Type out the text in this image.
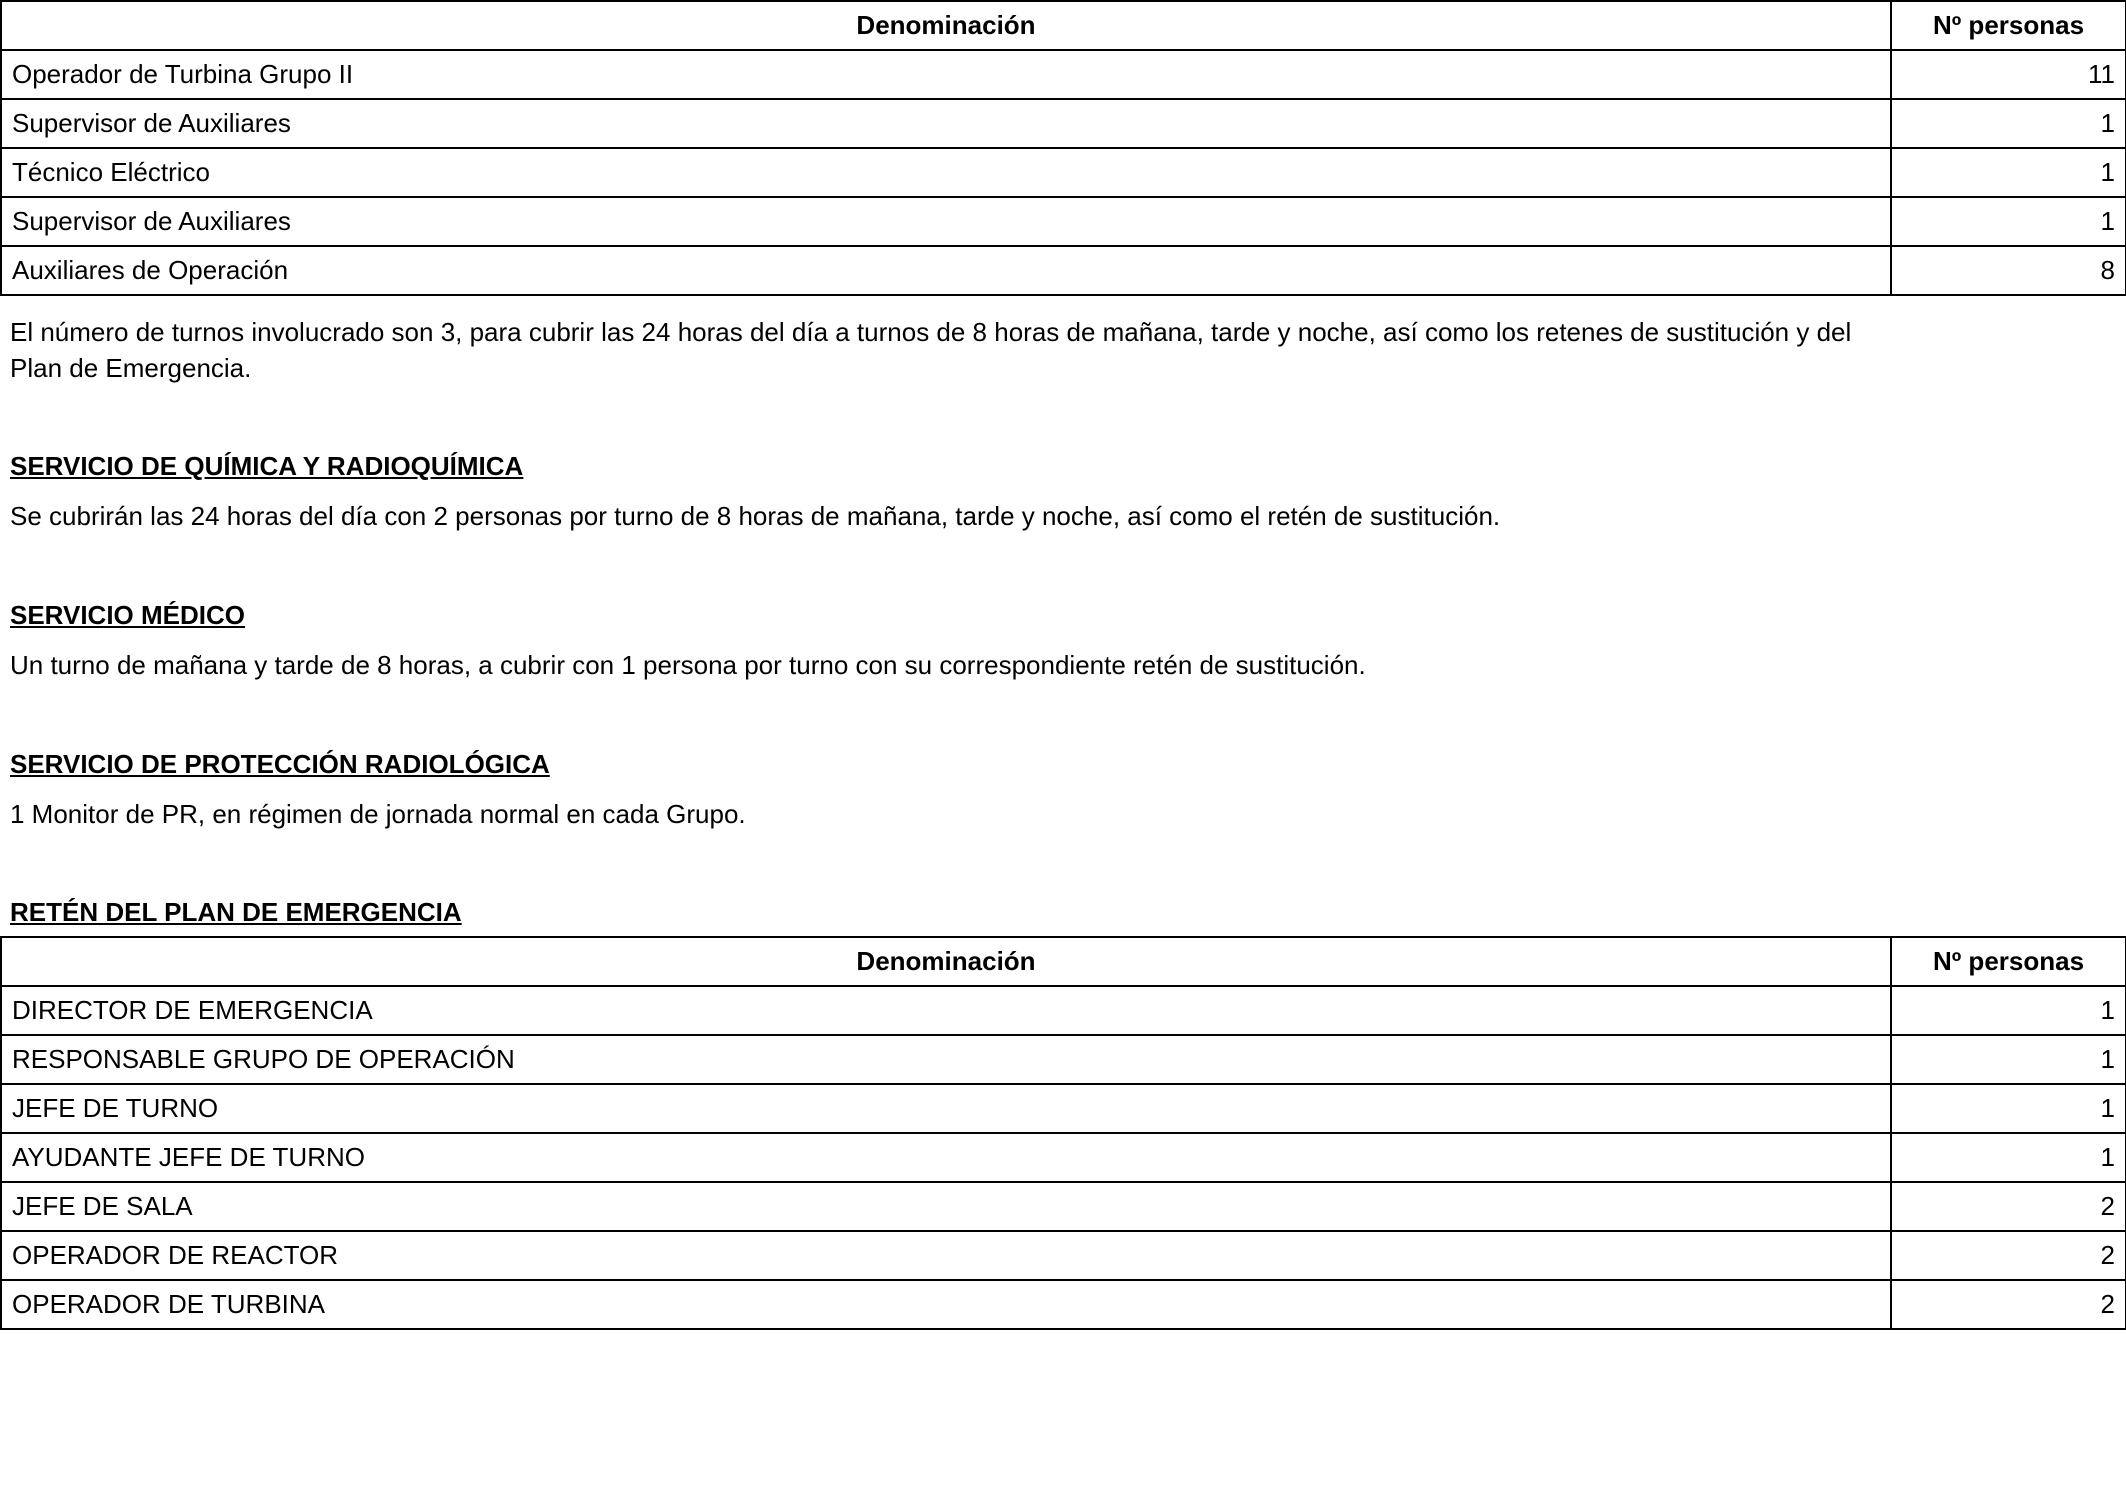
Denominación	Nº personas
Operador de Turbina Grupo II	11
Supervisor de Auxiliares	1
Técnico Eléctrico	1
Supervisor de Auxiliares	1
Auxiliares de Operación	8

El número de turnos involucrado son 3, para cubrir las 24 horas del día a turnos de 8 horas de mañana, tarde y noche, así como los retenes de sustitución y del Plan de Emergencia.

SERVICIO DE QUÍMICA Y RADIOQUÍMICA

Se cubrirán las 24 horas del día con 2 personas por turno de 8 horas de mañana, tarde y noche, así como el retén de sustitución.

SERVICIO MÉDICO

Un turno de mañana y tarde de 8 horas, a cubrir con 1 persona por turno con su correspondiente retén de sustitución.

SERVICIO DE PROTECCIÓN RADIOLÓGICA

1 Monitor de PR, en régimen de jornada normal en cada Grupo.

RETÉN DEL PLAN DE EMERGENCIA

Denominación	Nº personas
DIRECTOR DE EMERGENCIA	1
RESPONSABLE GRUPO DE OPERACIÓN	1
JEFE DE TURNO	1
AYUDANTE JEFE DE TURNO	1
JEFE DE SALA	2
OPERADOR DE REACTOR	2
OPERADOR DE TURBINA	2
